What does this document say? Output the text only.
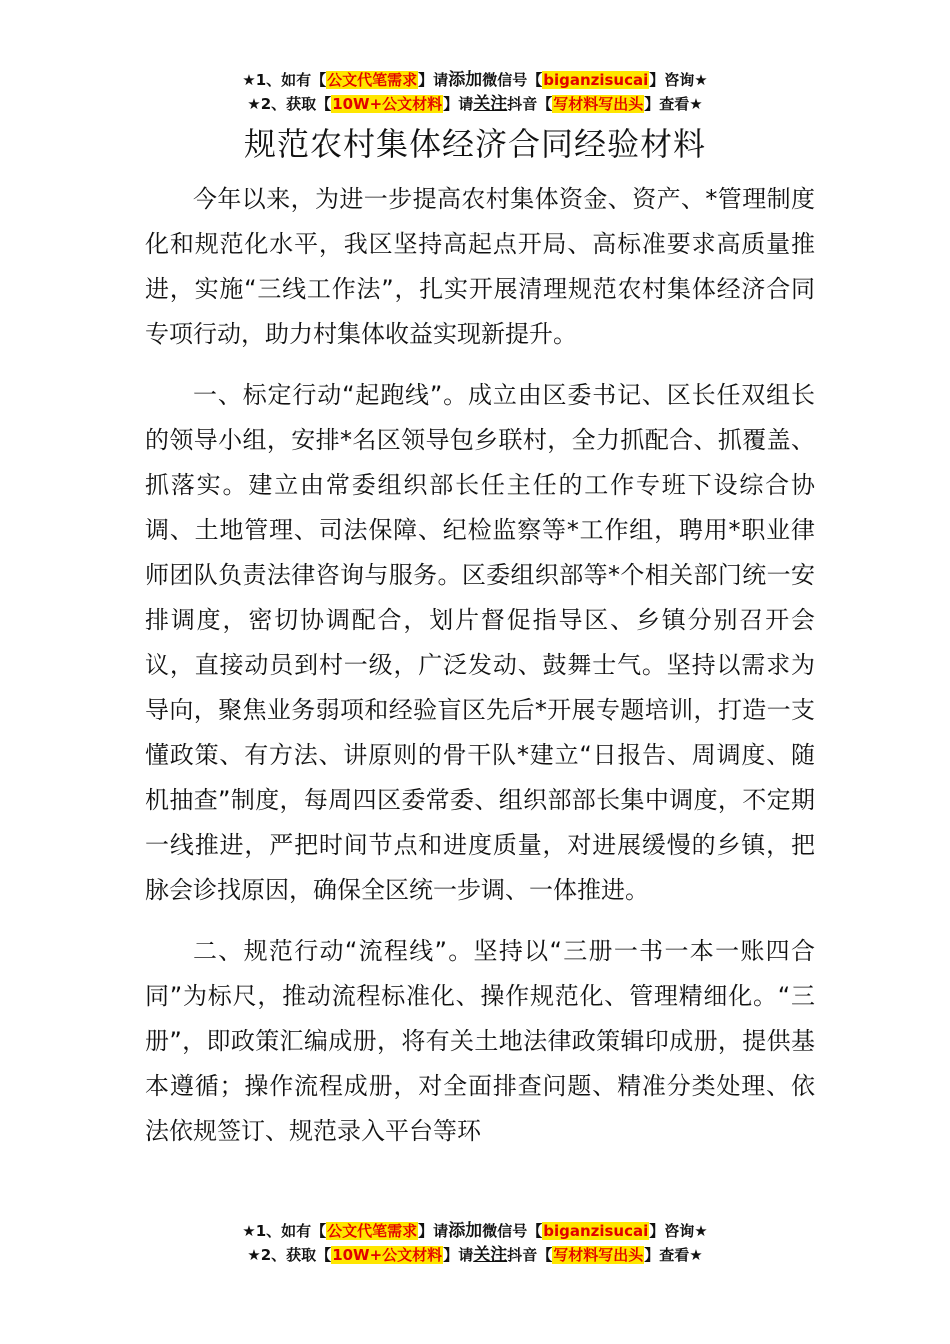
★1、如有【公文代笔需求】请添加微信号【biganzisucai】咨询★
★2、获取【10W+公文材料】请关注抖音【写材料写出头】查看★
规范农村集体经济合同经验材料

今年以来，为进一步提高农村集体资金、资产、*管理制度化和规范化水平，我区坚持高起点开局、高标准要求高质量推进，实施“三线工作法”，扎实开展清理规范农村集体经济合同专项行动，助力村集体收益实现新提升。

一、标定行动“起跑线”。成立由区委书记、区长任双组长的领导小组，安排*名区领导包乡联村，全力抓配合、抓覆盖、抓落实。建立由常委组织部长任主任的工作专班下设综合协调、土地管理、司法保障、纪检监察等*工作组，聘用*职业律师团队负责法律咨询与服务。区委组织部等*个相关部门统一安排调度，密切协调配合，划片督促指导区、乡镇分别召开会议，直接动员到村一级，广泛发动、鼓舞士气。坚持以需求为导向，聚焦业务弱项和经验盲区先后*开展专题培训，打造一支懂政策、有方法、讲原则的骨干队*建立“日报告、周调度、随机抽查”制度，每周四区委常委、组织部部长集中调度，不定期一线推进，严把时间节点和进度质量，对进展缓慢的乡镇，把脉会诊找原因，确保全区统一步调、一体推进。

二、规范行动“流程线”。坚持以“三册一书一本一账四合同”为标尺，推动流程标准化、操作规范化、管理精细化。“三册”，即政策汇编成册，将有关土地法律政策辑印成册，提供基本遵循；操作流程成册，对全面排查问题、精准分类处理、依法依规签订、规范录入平台等环

★1、如有【公文代笔需求】请添加微信号【biganzisucai】咨询★
★2、获取【10W+公文材料】请关注抖音【写材料写出头】查看★
